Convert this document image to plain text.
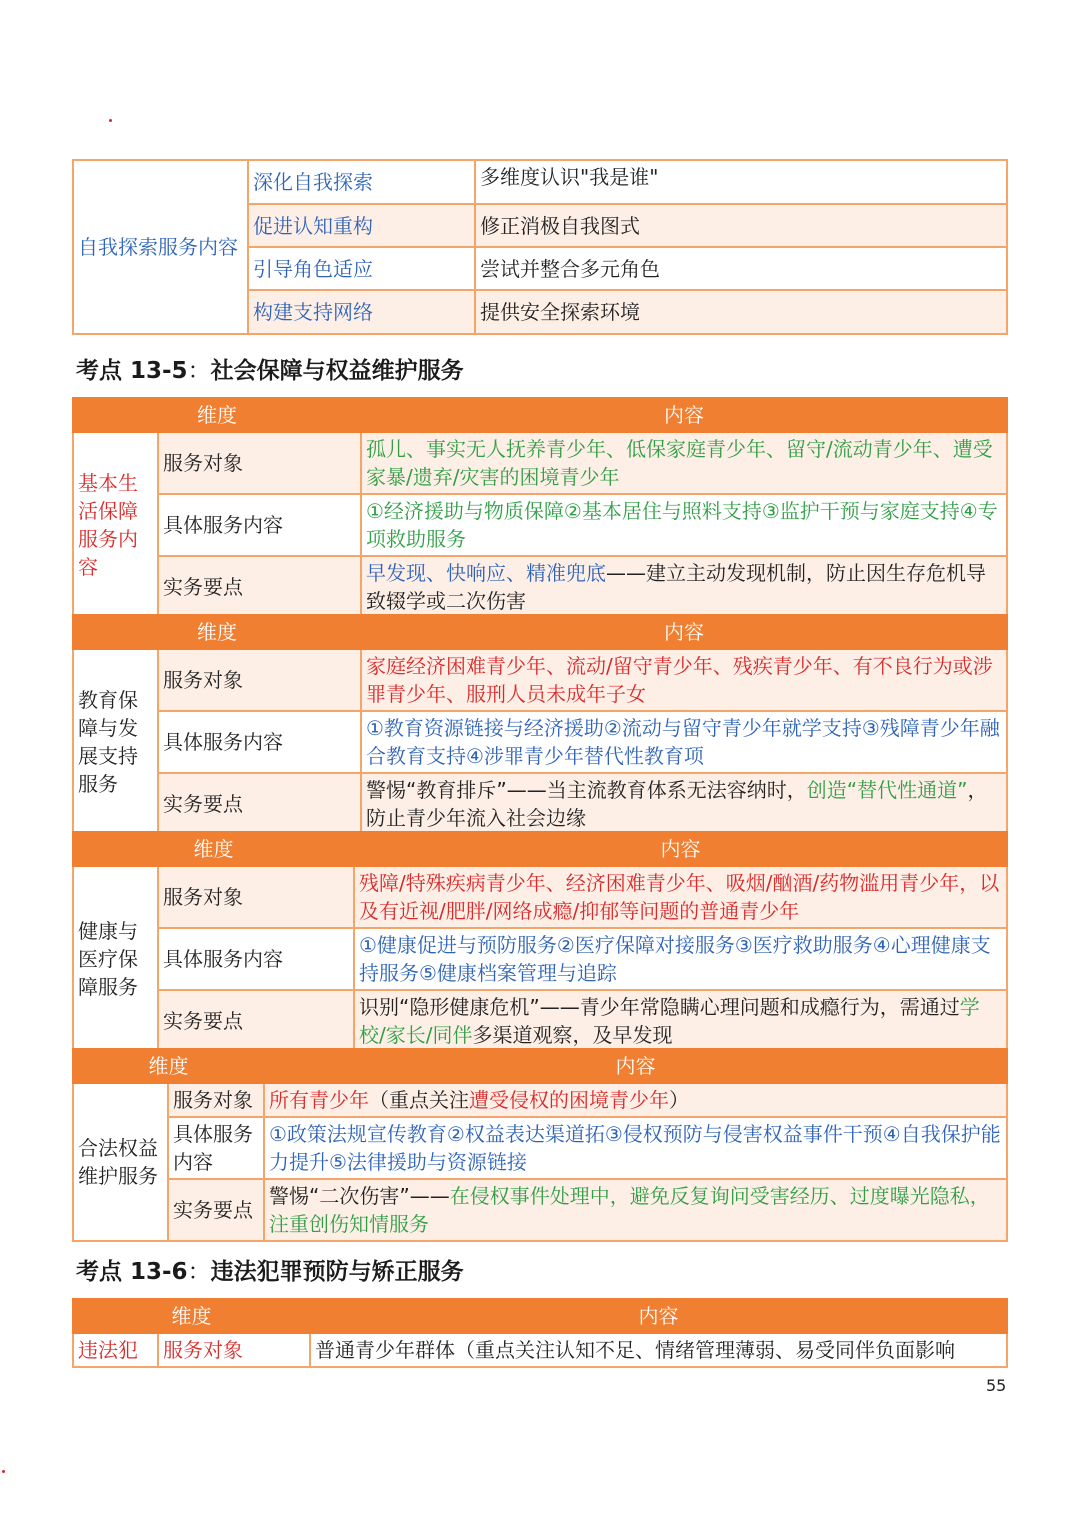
自我探索服务内容	深化自我探索	多维度认识"我是谁"
	促进认知重构	修正消极自我图式
	引导角色适应	尝试并整合多元角色
	构建支持网络	提供安全探索环境
考点 13-5：社会保障与权益维护服务
维度		内容
基本生活保障服务内容	服务对象	孤儿、事实无人抚养青少年、低保家庭青少年、留守/流动青少年、遭受家暴/遗弃/灾害的困境青少年
	具体服务内容	①经济援助与物质保障②基本居住与照料支持③监护干预与家庭支持④专项救助服务
	实务要点	早发现、快响应、精准兜底——建立主动发现机制，防止因生存危机导致辍学或二次伤害
维度		内容
教育保障与发展支持服务	服务对象	家庭经济困难青少年、流动/留守青少年、残疾青少年、有不良行为或涉罪青少年、服刑人员未成年子女
	具体服务内容	①教育资源链接与经济援助②流动与留守青少年就学支持③残障青少年融合教育支持④涉罪青少年替代性教育项
	实务要点	警惕“教育排斥”——当主流教育体系无法容纳时，创造“替代性通道”，防止青少年流入社会边缘
维度		内容
健康与医疗保障服务	服务对象	残障/特殊疾病青少年、经济困难青少年、吸烟/酗酒/药物滥用青少年，以及有近视/肥胖/网络成瘾/抑郁等问题的普通青少年
	具体服务内容	①健康促进与预防服务②医疗保障对接服务③医疗救助服务④心理健康支持服务⑤健康档案管理与追踪
	实务要点	识别“隐形健康危机”——青少年常隐瞒心理问题和成瘾行为，需通过学校/家长/同伴多渠道观察，及早发现
维度		内容
合法权益维护服务	服务对象	所有青少年（重点关注遭受侵权的困境青少年）
	具体服务内容	①政策法规宣传教育②权益表达渠道拓③侵权预防与侵害权益事件干预④自我保护能力提升⑤法律援助与资源链接
	实务要点	警惕“二次伤害”——在侵权事件处理中，避免反复询问受害经历、过度曝光隐私，注重创伤知情服务
考点 13-6：违法犯罪预防与矫正服务
维度		内容
违法犯	服务对象	普通青少年群体（重点关注认知不足、情绪管理薄弱、易受同伴负面影响
55
